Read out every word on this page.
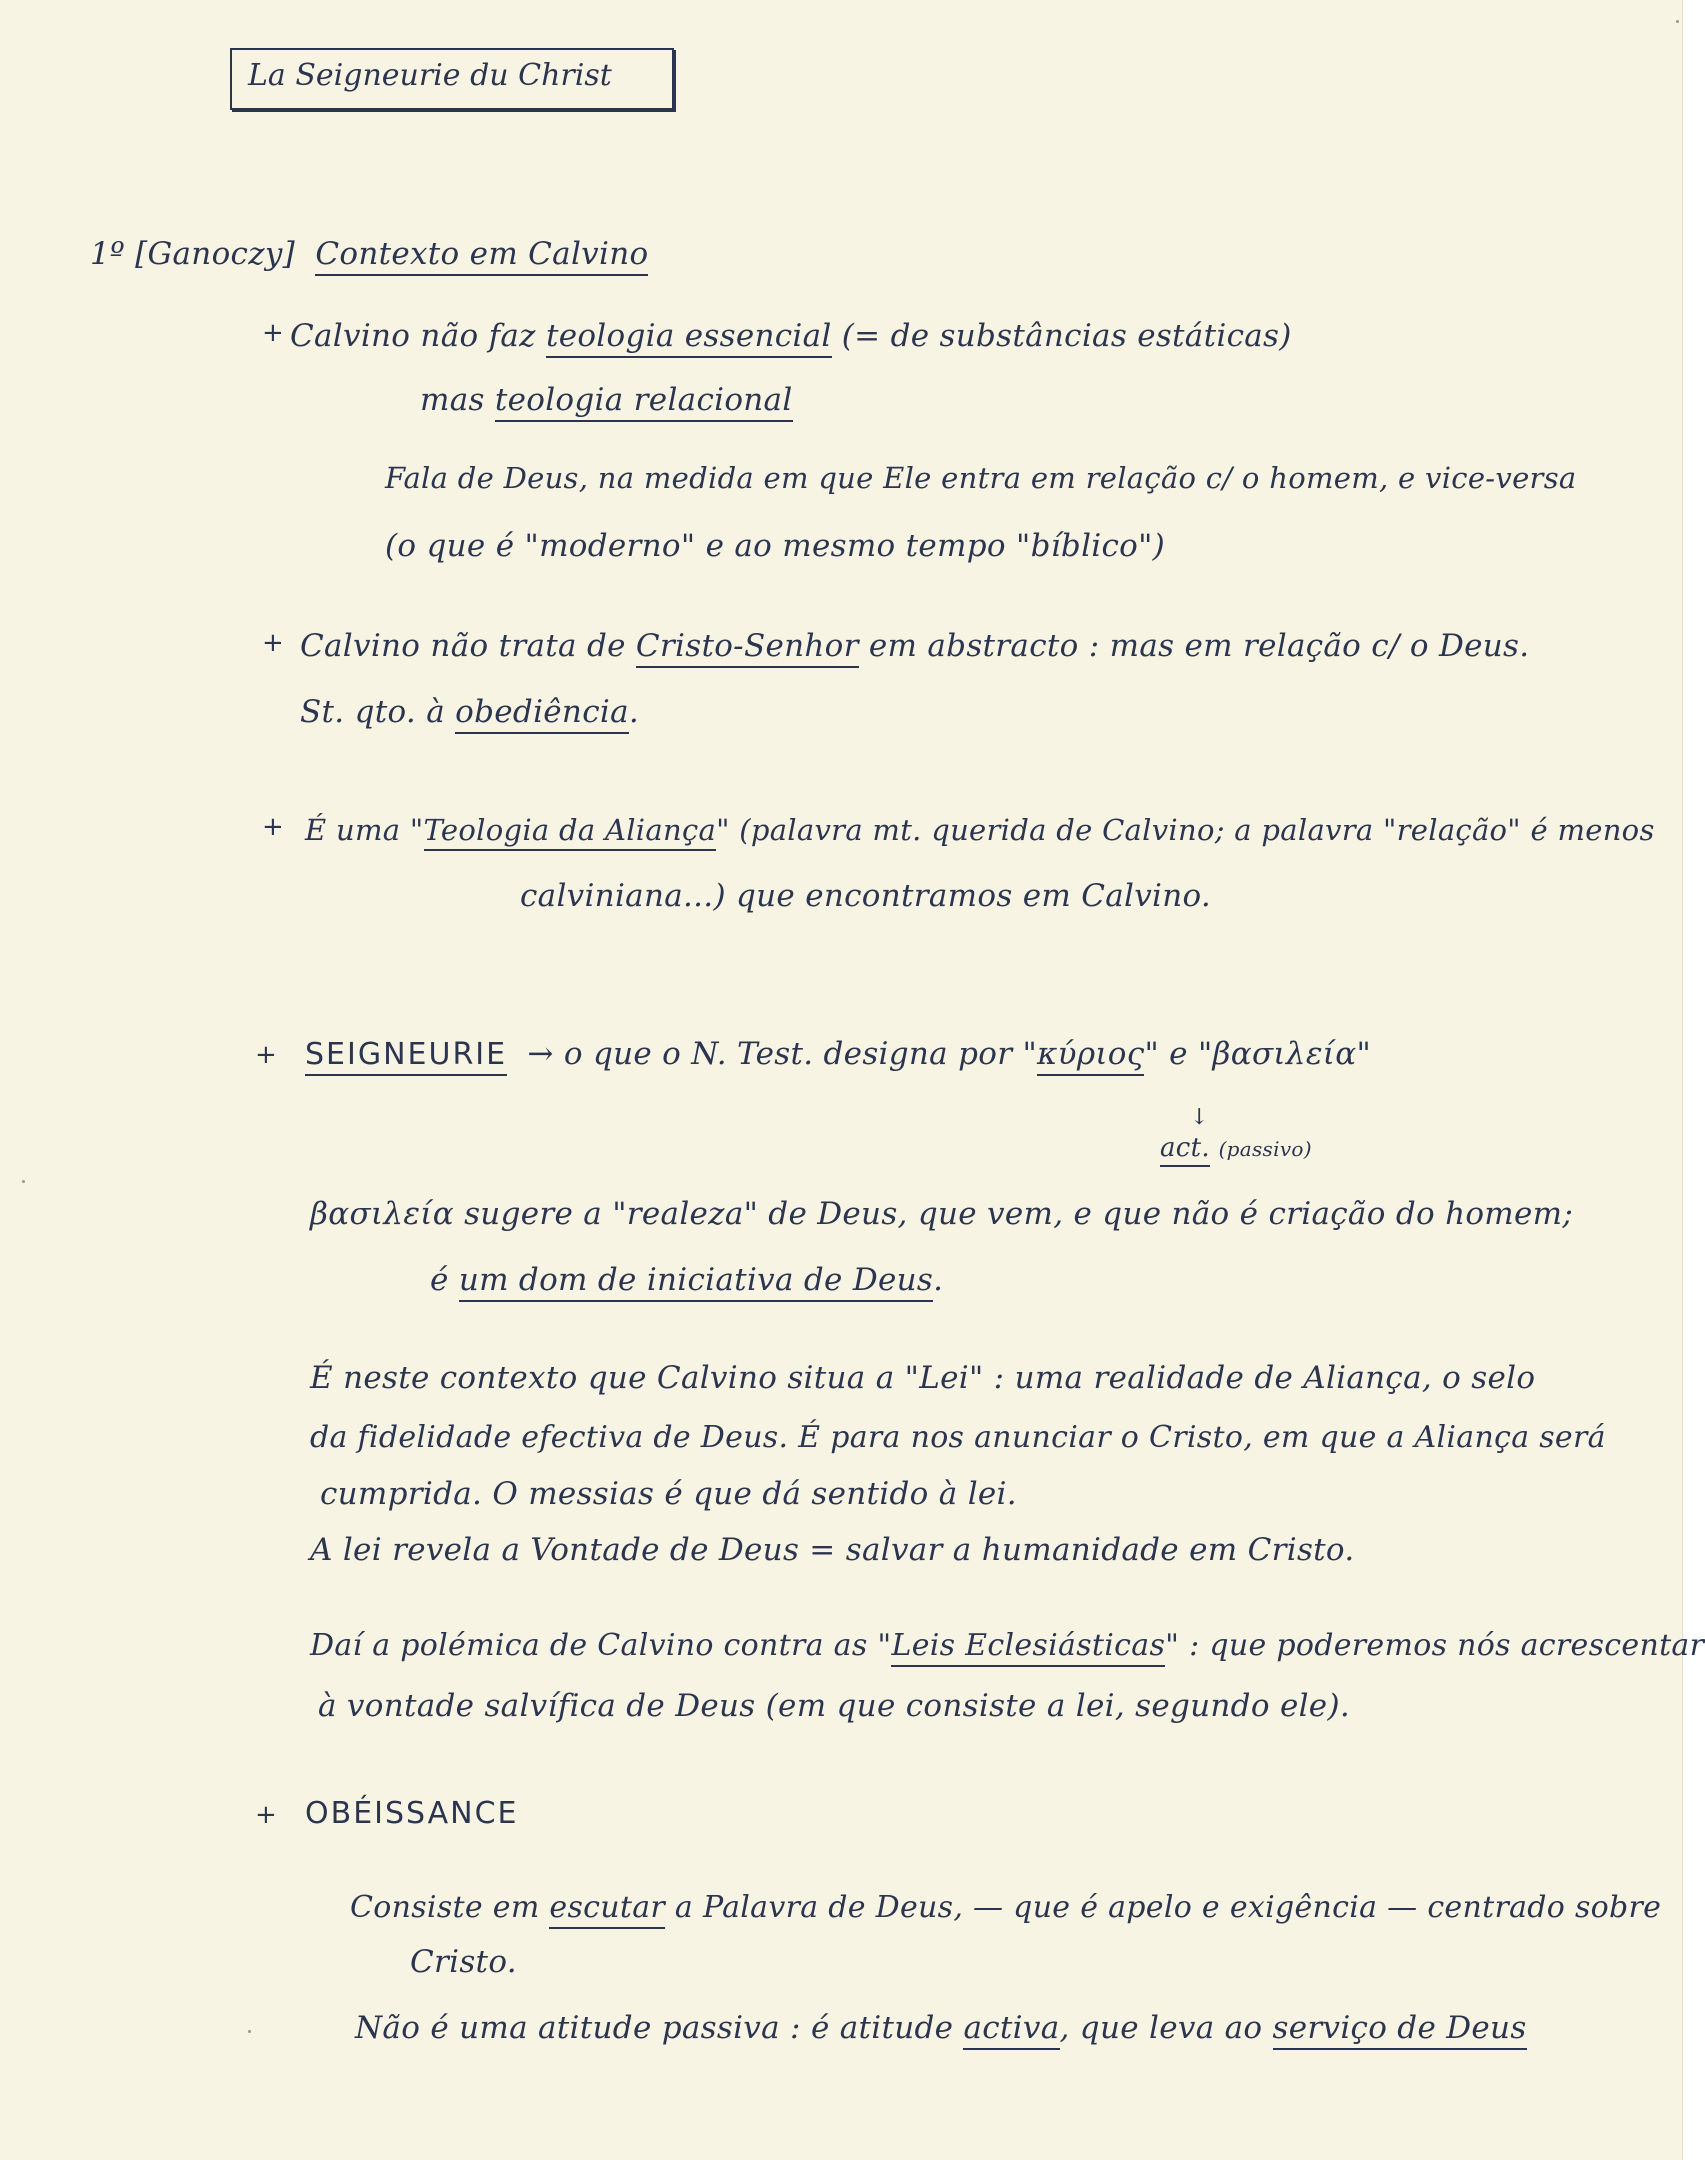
La Seigneurie du Christ
1º [Ganoczy] Contexto em Calvino
+ Calvino não faz teologia essencial (= de substâncias estáticas)
mas teologia relacional
Fala de Deus, na medida em que Ele entra em relação c/ o homem, e vice-versa
(o que é "moderno" e ao mesmo tempo "bíblico")
+ Calvino não trata de Cristo-Senhor em abstracto : mas em relação c/ o Deus.
St. qto. à obediência.
+ É uma "Teologia da Aliança" (palavra mt. querida de Calvino; a palavra "relação" é menos
calviniana...) que encontramos em Calvino.
+ SEIGNEURIE → o que o N. Test. designa por "κύριος" e "βασιλεία"
↓
act. (passivo)
βασιλεία sugere a "realeza" de Deus, que vem, e que não é criação do homem;
é um dom de iniciativa de Deus.
É neste contexto que Calvino situa a "Lei" : uma realidade de Aliança, o selo
da fidelidade efectiva de Deus. É para nos anunciar o Cristo, em que a Aliança será
cumprida. O messias é que dá sentido à lei.
A lei revela a Vontade de Deus = salvar a humanidade em Cristo.
Daí a polémica de Calvino contra as "Leis Eclesiásticas" : que poderemos nós acrescentar
à vontade salvífica de Deus (em que consiste a lei, segundo ele).
+ OBÉISSANCE
Consiste em escutar a Palavra de Deus, — que é apelo e exigência — centrado sobre
Cristo.
Não é uma atitude passiva : é atitude activa, que leva ao serviço de Deus
